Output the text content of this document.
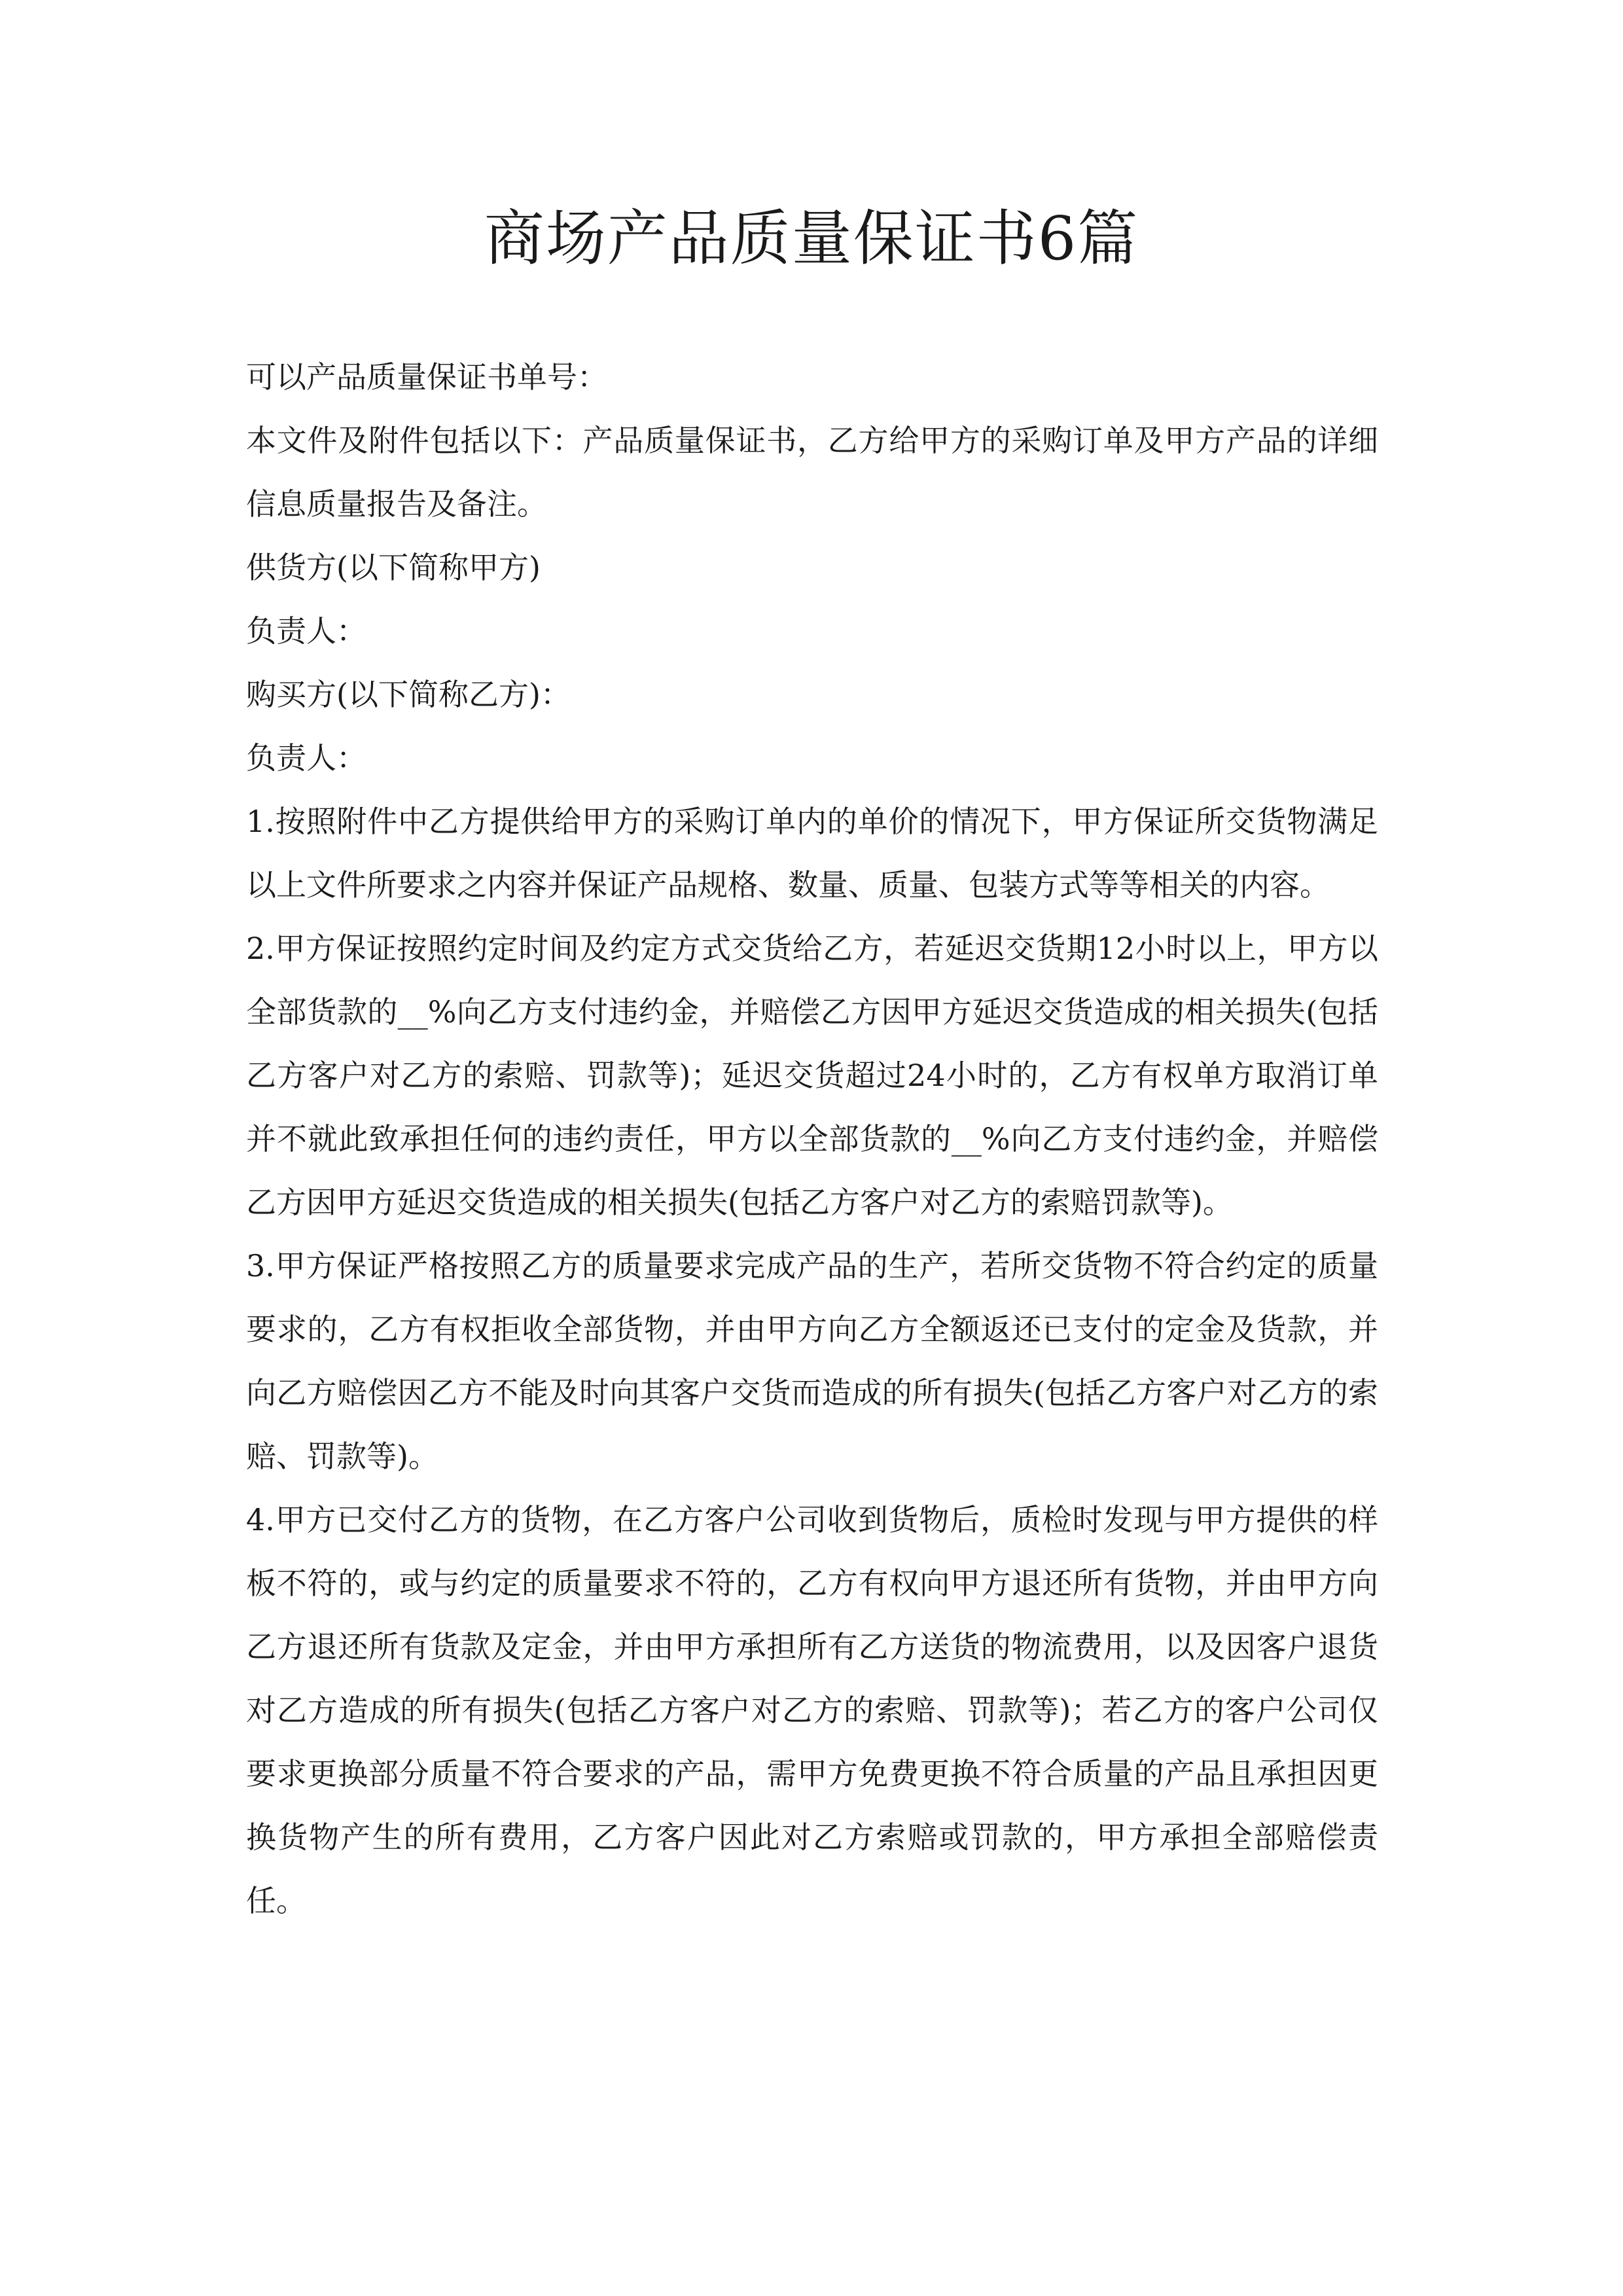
商场产品质量保证书6篇

可以产品质量保证书单号：

本文件及附件包括以下：产品质量保证书，乙方给甲方的采购订单及甲方产品的详细信息质量报告及备注。

供货方(以下简称甲方)

负责人：

购买方(以下简称乙方)：

负责人：

1.按照附件中乙方提供给甲方的采购订单内的单价的情况下，甲方保证所交货物满足以上文件所要求之内容并保证产品规格、数量、质量、包装方式等等相关的内容。

2.甲方保证按照约定时间及约定方式交货给乙方，若延迟交货期12小时以上，甲方以全部货款的__%向乙方支付违约金，并赔偿乙方因甲方延迟交货造成的相关损失(包括乙方客户对乙方的索赔、罚款等)；延迟交货超过24小时的，乙方有权单方取消订单并不就此致承担任何的违约责任，甲方以全部货款的__%向乙方支付违约金，并赔偿乙方因甲方延迟交货造成的相关损失(包括乙方客户对乙方的索赔罚款等)。

3.甲方保证严格按照乙方的质量要求完成产品的生产，若所交货物不符合约定的质量要求的，乙方有权拒收全部货物，并由甲方向乙方全额返还已支付的定金及货款，并向乙方赔偿因乙方不能及时向其客户交货而造成的所有损失(包括乙方客户对乙方的索赔、罚款等)。

4.甲方已交付乙方的货物，在乙方客户公司收到货物后，质检时发现与甲方提供的样板不符的，或与约定的质量要求不符的，乙方有权向甲方退还所有货物，并由甲方向乙方退还所有货款及定金，并由甲方承担所有乙方送货的物流费用，以及因客户退货对乙方造成的所有损失(包括乙方客户对乙方的索赔、罚款等)；若乙方的客户公司仅要求更换部分质量不符合要求的产品，需甲方免费更换不符合质量的产品且承担因更换货物产生的所有费用，乙方客户因此对乙方索赔或罚款的，甲方承担全部赔偿责任。
